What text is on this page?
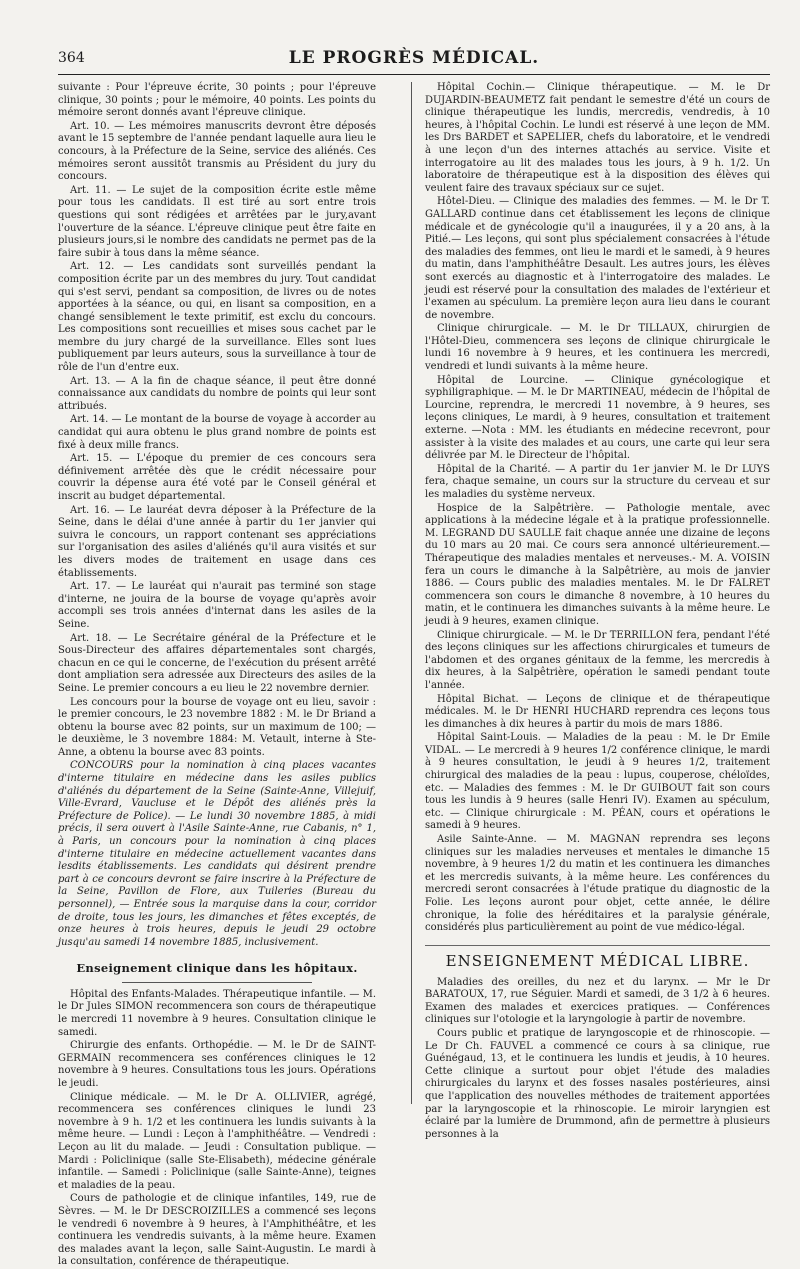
364	LE PROGRÈS MÉDICAL.

suivante : Pour l'épreuve écrite, 30 points ; pour l'épreuve clinique, 30 points ; pour le mémoire, 40 points. Les points du mémoire seront donnés avant l'épreuve clinique.

Art. 10. — Les mémoires manuscrits devront être déposés avant le 15 septembre de l'année pendant laquelle aura lieu le concours, à la Préfecture de la Seine, service des aliénés. Ces mémoires seront aussitôt transmis au Président du jury du concours.

Art. 11. — Le sujet de la composition écrite estle même pour tous les candidats. Il est tiré au sort entre trois questions qui sont rédigées et arrêtées par le jury,avant l'ouverture de la séance. L'épreuve clinique peut être faite en plusieurs jours,si le nombre des candidats ne permet pas de la faire subir à tous dans la même séance.

Art. 12. — Les candidats sont surveillés pendant la composition écrite par un des membres du jury. Tout candidat qui s'est servi, pendant sa composition, de livres ou de notes apportées à la séance, ou qui, en lisant sa composition, en a changé sensiblement le texte primitif, est exclu du concours. Les compositions sont recueillies et mises sous cachet par le membre du jury chargé de la surveillance. Elles sont lues publiquement par leurs auteurs, sous la surveillance à tour de rôle de l'un d'entre eux.

Art. 13. — A la fin de chaque séance, il peut être donné connaissance aux candidats du nombre de points qui leur sont attribués.

Art. 14. — Le montant de la bourse de voyage à accorder au candidat qui aura obtenu le plus grand nombre de points est fixé à deux mille francs.

Art. 15. — L'époque du premier de ces concours sera définivement arrêtée dès que le crédit nécessaire pour couvrir la dépense aura été voté par le Conseil général et inscrit au budget départemental.

Art. 16. — Le lauréat devra déposer à la Préfecture de la Seine, dans le délai d'une année à partir du 1er janvier qui suivra le concours, un rapport contenant ses appréciations sur l'organisation des asiles d'aliénés qu'il aura visités et sur les divers modes de traitement en usage dans ces établissements.

Art. 17. — Le lauréat qui n'aurait pas terminé son stage d'interne, ne jouira de la bourse de voyage qu'après avoir accompli ses trois années d'internat dans les asiles de la Seine.

Art. 18. — Le Secrétaire général de la Préfecture et le Sous-Directeur des affaires départementales sont chargés, chacun en ce qui le concerne, de l'exécution du présent arrêté dont ampliation sera adressée aux Directeurs des asiles de la Seine. Le premier concours a eu lieu le 22 novembre dernier.

Les concours pour la bourse de voyage ont eu lieu, savoir : le premier concours, le 23 novembre 1882 : M. le Dr Briand a obtenu la bourse avec 82 points, sur un maximum de 100; — le deuxième, le 3 novembre 1884: M. Vetault, interne à Ste-Anne, a obtenu la bourse avec 83 points.

CONCOURS pour la nomination à cinq places vacantes d'interne titulaire en médecine dans les asiles publics d'aliénés du département de la Seine (Sainte-Anne, Villejuif, Ville-Evrard, Vaucluse et le Dépôt des aliénés près la Préfecture de Police). — Le lundi 30 novembre 1885, à midi précis, il sera ouvert à l'Asile Sainte-Anne, rue Cabanis, n° 1, à Paris, un concours pour la nomination à cinq places d'interne titulaire en médecine actuellement vacantes dans lesdits établissements. Les candidats qui désirent prendre part à ce concours devront se faire inscrire à la Préfecture de la Seine, Pavillon de Flore, aux Tuileries (Bureau du personnel), — Entrée sous la marquise dans la cour, corridor de droite, tous les jours, les dimanches et fêtes exceptés, de onze heures à trois heures, depuis le jeudi 29 octobre jusqu'au samedi 14 novembre 1885, inclusivement.

Enseignement clinique dans les hôpitaux.

Hôpital des Enfants-Malades. Thérapeutique infantile. — M. le Dr Jules SIMON recommencera son cours de thérapeutique le mercredi 11 novembre à 9 heures. Consultation clinique le samedi.

Chirurgie des enfants. Orthopédie. — M. le Dr de SAINT-GERMAIN recommencera ses conférences cliniques le 12 novembre à 9 heures. Consultations tous les jours. Opérations le jeudi.

Clinique médicale. — M. le Dr A. OLLIVIER, agrégé, recommencera ses conférences cliniques le lundi 23 novembre à 9 h. 1/2 et les continuera les lundis suivants à la même heure. — Lundi : Leçon à l'amphithéâtre. — Vendredi : Leçon au lit du malade. — Jeudi : Consultation publique. — Mardi : Policlinique (salle Ste-Elisabeth), médecine générale infantile. — Samedi : Policlinique (salle Sainte-Anne), teignes et maladies de la peau.

Cours de pathologie et de clinique infantiles, 149, rue de Sèvres. — M. le Dr DESCROIZILLES a commencé ses leçons le vendredi 6 novembre à 9 heures, à l'Amphithéâtre, et les continuera les vendredis suivants, à la même heure. Examen des malades avant la leçon, salle Saint-Augustin. Le mardi à la consultation, conférence de thérapeutique.

Hôpital Cochin.— Clinique thérapeutique. — M. le Dr DUJARDIN-BEAUMETZ fait pendant le semestre d'été un cours de clinique thérapeutique les lundis, mercredis, vendredis, à 10 heures, à l'hôpital Cochin. Le lundi est réservé à une leçon de MM. les Drs BARDET et SAPELIER, chefs du laboratoire, et le vendredi à une leçon d'un des internes attachés au service. Visite et interrogatoire au lit des malades tous les jours, à 9 h. 1/2. Un laboratoire de thérapeutique est à la disposition des élèves qui veulent faire des travaux spéciaux sur ce sujet.

Hôtel-Dieu. — Clinique des maladies des femmes. — M. le Dr T. GALLARD continue dans cet établissement les leçons de clinique médicale et de gynécologie qu'il a inaugurées, il y a 20 ans, à la Pitié.— Les leçons, qui sont plus spécialement consacrées à l'étude des maladies des femmes, ont lieu le mardi et le samedi, à 9 heures du matin, dans l'amphithéâtre Desault. Les autres jours, les élèves sont exercés au diagnostic et à l'interrogatoire des malades. Le jeudi est réservé pour la consultation des malades de l'extérieur et l'examen au spéculum. La première leçon aura lieu dans le courant de novembre.

Clinique chirurgicale. — M. le Dr TILLAUX, chirurgien de l'Hôtel-Dieu, commencera ses leçons de clinique chirurgicale le lundi 16 novembre à 9 heures, et les continuera les mercredi, vendredi et lundi suivants à la même heure.

Hôpital de Lourcine. — Clinique gynécologique et syphiligraphique. — M. le Dr MARTINEAU, médecin de l'hôpital de Lourcine, reprendra, le mercredi 11 novembre, à 9 heures, ses leçons cliniques, Le mardi, à 9 heures, consultation et traitement externe. —Nota : MM. les étudiants en médecine recevront, pour assister à la visite des malades et au cours, une carte qui leur sera délivrée par M. le Directeur de l'hôpital.

Hôpital de la Charité. — A partir du 1er janvier M. le Dr LUYS fera, chaque semaine, un cours sur la structure du cerveau et sur les maladies du système nerveux.

Hospice de la Salpêtrière. — Pathologie mentale, avec applications à la médecine légale et à la pratique professionnelle. M. LEGRAND DU SAULLE fait chaque année une dizaine de leçons du 10 mars au 20 mai. Ce cours sera annoncé ultérieurement.— Thérapeutique des maladies mentales et nerveuses.- M. A. VOISIN fera un cours le dimanche à la Salpêtrière, au mois de janvier 1886. — Cours public des maladies mentales. M. le Dr FALRET commencera son cours le dimanche 8 novembre, à 10 heures du matin, et le continuera les dimanches suivants à la même heure. Le jeudi à 9 heures, examen clinique.

Clinique chirurgicale. — M. le Dr TERRILLON fera, pendant l'été des leçons cliniques sur les affections chirurgicales et tumeurs de l'abdomen et des organes génitaux de la femme, les mercredis à dix heures, à la Salpêtrière, opération le samedi pendant toute l'année.

Hôpital Bichat. — Leçons de clinique et de thérapeutique médicales. M. le Dr HENRI HUCHARD reprendra ces leçons tous les dimanches à dix heures à partir du mois de mars 1886.

Hôpital Saint-Louis. — Maladies de la peau : M. le Dr Emile VIDAL. — Le mercredi à 9 heures 1/2 conférence clinique, le mardi à 9 heures consultation, le jeudi à 9 heures 1/2, traitement chirurgical des maladies de la peau : lupus, couperose, chéloïdes, etc. — Maladies des femmes : M. le Dr GUIBOUT fait son cours tous les lundis à 9 heures (salle Henri IV). Examen au spéculum, etc. — Clinique chirurgicale : M. PÉAN, cours et opérations le samedi à 9 heures.

Asile Sainte-Anne. — M. MAGNAN reprendra ses leçons cliniques sur les maladies nerveuses et mentales le dimanche 15 novembre, à 9 heures 1/2 du matin et les continuera les dimanches et les mercredis suivants, à la même heure. Les conférences du mercredi seront consacrées à l'étude pratique du diagnostic de la Folie. Les leçons auront pour objet, cette année, le délire chronique, la folie des héréditaires et la paralysie générale, considérés plus particulièrement au point de vue médico-légal.

ENSEIGNEMENT MÉDICAL LIBRE.

Maladies des oreilles, du nez et du larynx. — Mr le Dr BARATOUX, 17, rue Séguier. Mardi et samedi, de 3 1/2 à 6 heures. Examen des malades et exercices pratiques. — Conférences cliniques sur l'otologie et la laryngologie à partir de novembre.

Cours public et pratique de laryngoscopie et de rhinoscopie. — Le Dr Ch. FAUVEL a commencé ce cours à sa clinique, rue Guénégaud, 13, et le continuera les lundis et jeudis, à 10 heures. Cette clinique a surtout pour objet l'étude des maladies chirurgicales du larynx et des fosses nasales postérieures, ainsi que l'application des nouvelles méthodes de traitement apportées par la laryngoscopie et la rhinoscopie. Le miroir laryngien est éclairé par la lumière de Drummond, afin de permettre à plusieurs personnes à la
